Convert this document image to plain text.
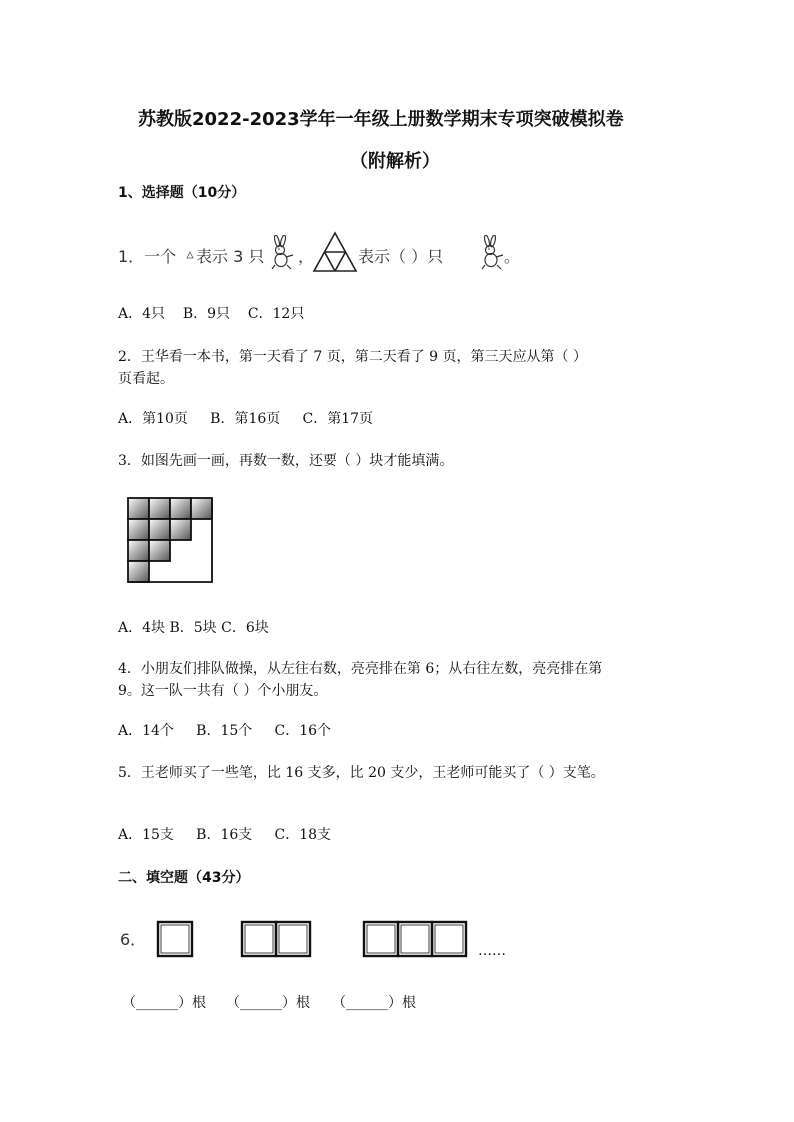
苏教版2022-2023学年一年级上册数学期末专项突破模拟卷
（附解析）
1、选择题（10分）
1．一个 表示 3 只 ，	表示（ ）只	。
A．4只    B．9只    C．12只
2．王华看一本书，第一天看了 7 页，第二天看了 9 页，第三天应从第（ ）
页看起。
A．第10页     B．第16页     C．第17页
3．如图先画一画，再数一数，还要（ ）块才能填满。
A．4块 B．5块 C．6块
4．小朋友们排队做操，从左往右数，亮亮排在第 6；从右往左数，亮亮排在第
9。这一队一共有（ ）个小朋友。
A．14个     B．15个     C．16个
5．王老师买了一些笔，比 16 支多，比 20 支少，王老师可能买了（ ）支笔。
A．15支     B．16支     C．18支
二、填空题（43分）
6．
……
（______）根 （______）根 （______）根
